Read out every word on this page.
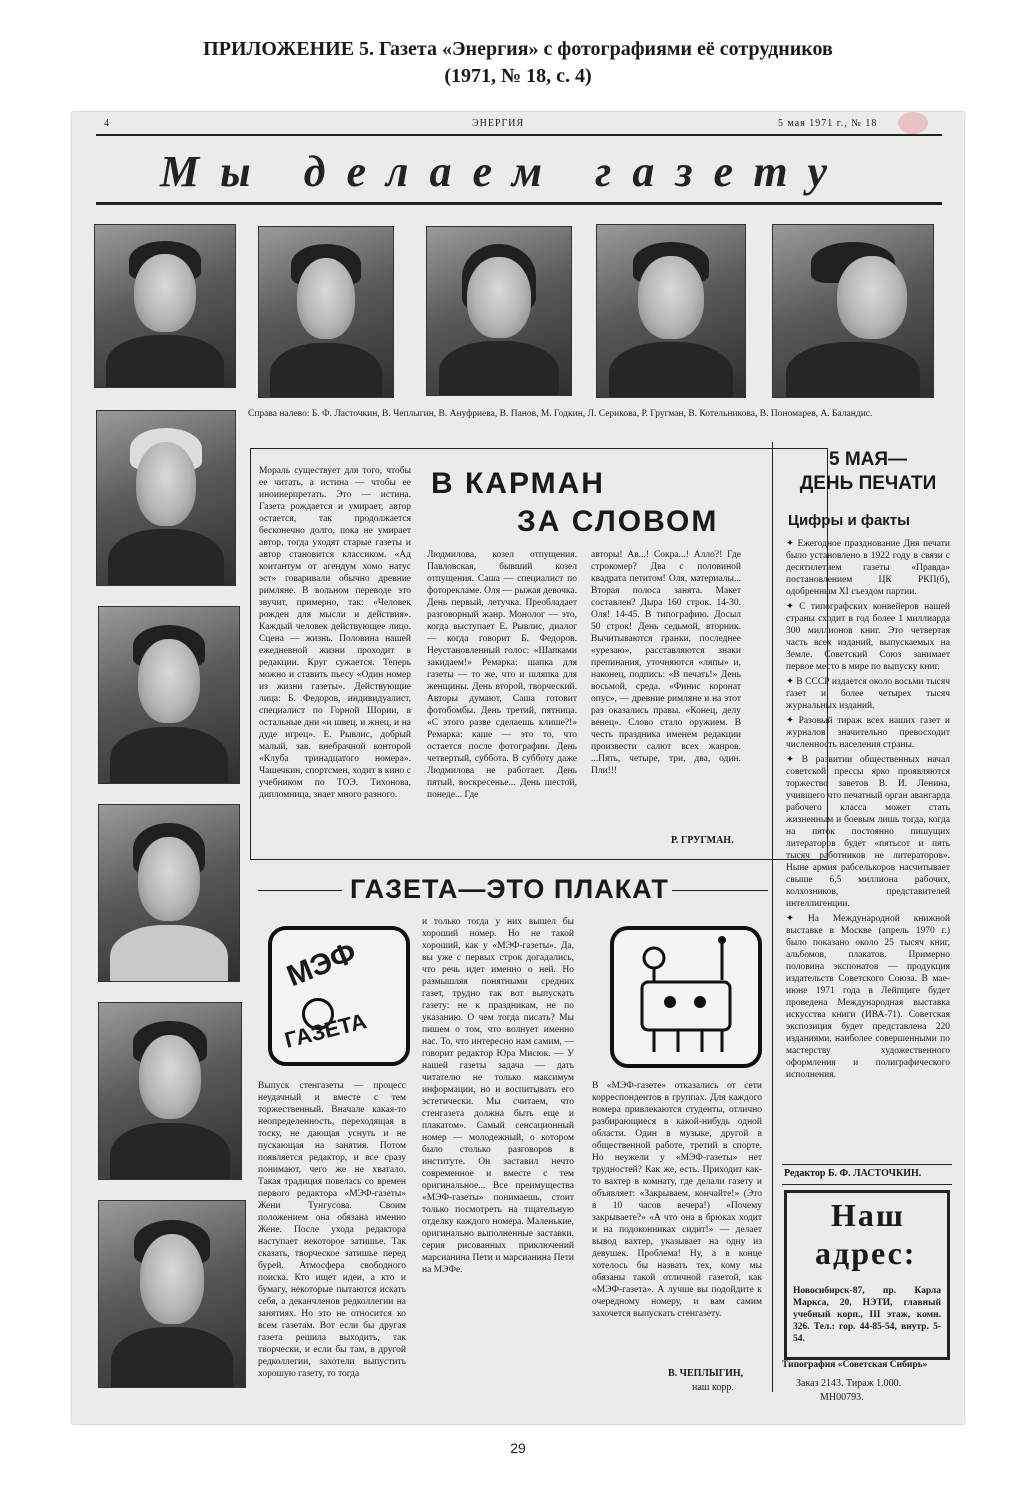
ПРИЛОЖЕНИЕ 5. Газета «Энергия» с фотографиями её сотрудников
(1971, № 18, с. 4)
4	ЭНЕРГИЯ	5 мая 1971 г., № 18
Мы делаем газету
Справа налево: Б. Ф. Ласточкин, В. Чеплыгин, В. Ануфриева, В. Панов, М. Годкин, Л. Серикова, Р. Гругман, В. Котельникова, В. Пономарев, А. Баландис.
В КАРМАН
ЗА СЛОВОМ
Мораль существует для того, чтобы ее читать, а истина — чтобы ее иноинерпретать. Это — истина. Газета рождается и умирает, автор остается, так продолжается бесконечно долго, пока не умирает автор, тогда уходят старые газеты и автор становится классиком. «Ад коитантум от агендум хомо натус эст» говаривали обычно древние римляне. В вольном переводе это звучит, примерно, так: «Человек рожден для мысли и действия». Каждый человек действующее лицо. Сцена — жизнь. Половина нашей ежедневной жизни проходит в редакции. Круг сужается. Теперь можно и ставить пьесу «Один номер из жизни газеты». Действующие лица: Б. Федоров, индивидуалист, специалист по Горной Шории, в остальные дни «и швец, и жнец, и на дуде игрец». Е. Рывлис, добрый малый, зав. внебрачной конторой «Клуба тринадцатого номера». Чашечкин, спортсмен, ходит в кино с учебником по ТОЭ. Тихонова, дипломница, знает много разного.
Людмилова, козел отпущения. Павловская, бывший козел отпущения. Саша — специалист по фоторекламе. Оля — рыжая девочка. День первый, летучка. Преобладает разговорный жанр. Монолог — это, когда выступает Е. Рывлис, диалог — когда говорит Б. Федоров. Неустановленный голос: «Шапками закидаем!» Ремарка: шапка для газеты — то же, что и шляпка для женщины. День второй, творческий. Авторы думают, Саша готовит фотобомбы. День третий, пятница. «С этого разве сделаешь клише?!» Ремарка: каше — это то, что остается после фотографии. День четвертый, суббота. В субботу даже Людмилова не работает. День пятый, воскресенье... День шестой, понеде... Где
авторы! Ав...! Сокра...! Алло?! Где строкомер? Два с половиной квадрата петитом! Оля, материалы... Вторая полоса занята. Макет составлен? Дыра 160 строк. 14-30. Оля! 14-45. В типографию. Досыл 50 строк! День седьмой, вторник. Вычитываются гранки, последнее «урезаю», расставляются знаки препинания, уточняются «ляпы» и, наконец, подпись: «В печать!» День восьмой, среда. «Финис коронат опус», — древние римляне и на этот раз оказались правы. «Конец, делу венец». Слово стало оружием. В честь праздника именем редакции произвести салют всех жанров. ...Пять, четыре, три, два, один. Пли!!!
Р. ГРУГМАН.
ГАЗЕТА—ЭТО ПЛАКАТ
МЭФ
ГАЗЕТА
Выпуск стенгазеты — процесс неудачный и вместе с тем торжественный. Вначале какая-то неопределенность, переходящая в тоску, не дающая уснуть и не пускающая на занятия. Потом появляется редактор, и все сразу понимают, чего же не хватало. Такая традиция повелась со времен первого редактора «МЭФ-газеты» Жени Тунгусова. Своим положением она обязана именно Жене. После ухода редактора наступает некоторое затишье. Так сказать, творческое затишье перед бурей. Атмосфера свободного поиска. Кто ищет идеи, а кто и бумагу, некоторые пытаются искать себя, а деканчленов редколлегии на занятиях. Но это не относится ко всем газетам. Вот если бы другая газета решила выходить, так творчески, и если бы там, в другой редколлегии, захотели выпустить хорошую газету, то тогда
и только тогда у них вышел бы хороший номер. Но не такой хороший, как у «МЭФ-газеты». Да, вы уже с первых строк догадались, что речь идет именно о ней. Но размышляя понятными средних газет, трудно так вот выпускать газету: не к праздникам, не по указанию. О чем тогда писать? Мы пишем о том, что волнует именно нас. То, что интересно нам самим, — говорит редактор Юра Мисюк. — У нашей газеты задача — дать читателю не только максимум информации, но и воспитывать его эстетически. Мы считаем, что стенгазета должна быть еще и плакатом». Самый сенсационный номер — молодежный, о котором было столько разговоров в институте. Он заставил нечто современное и вместе с тем оригинальное... Все преимущества «МЭФ-газеты» понимаешь, стоит только посмотреть на тщательную отделку каждого номера. Маленькие, оригинально выполненные заставки, серия рисованных приключений марсианина Пети и марсианина Пети на МЭФе.
В «МЭФ-газете» отказались от сети корреспондентов в группах. Для каждого номера привлекаются студенты, отлично разбирающиеся в какой-нибудь одной области. Один в музыке, другой в общественной работе, третий в спорте. Но неужели у «МЭФ-газеты» нет трудностей? Как же, есть. Приходит как-то вахтер в комнату, где делали газету и объявляет: «Закрываем, кончайте!» (Это в 10 часов вечера!) «Почему закрываете?» «А что она в брюках ходит и на подоконниках сидит!» — делает вывод вахтер, указывает на одну из девушек. Проблема! Ну, а в конце хотелось бы назвать тех, кому мы обязаны такой отличной газетой, как «МЭФ-газета». А лучше вы подойдите к очередному номеру, и вам самим захочется выпускать стенгазету.
В. ЧЕПЛЫГИН,
наш корр.
5 МАЯ—
ДЕНЬ ПЕЧАТИ
Цифры и факты

✦ Ежегодное празднование Дня печати было установлено в 1922 году в связи с десятилетием газеты «Правда» постановлением ЦК РКП(б), одобренным XI съездом партии.

✦ С типографских конвейеров нашей страны сходит в год более 1 миллиарда 300 миллионов книг. Это четвертая часть всех изданий, выпускаемых на Земле. Советский Союз занимает первое место в мире по выпуску книг.

✦ В СССР издается около восьми тысяч газет и более четырех тысяч журнальных изданий.

✦ Разовый тираж всех наших газет и журналов значительно превосходит численность населения страны.

✦ В развитии общественных начал советской прессы ярко проявляются торжество заветов В. И. Ленина, учившего что печатный орган авангарда рабочего класса может стать жизненным и боевым лишь тогда, когда на пяток постоянно пишущих литераторов будет «пятьсот и пять тысяч работников не литераторов». Ныне армия рабселькоров насчитывает свыше 6,5 миллиона рабочих, колхозников, представителей интеллигенции.

✦ На Международной книжной выставке в Москве (апрель 1970 г.) было показано около 25 тысяч книг, альбомов, плакатов. Примерно половина экспонатов — продукция издательств Советского Союза. В мае-июне 1971 года в Лейпциге будет проведена Международная выставка искусства книги (ИВА-71). Советская экспозиция будет представлена 220 изданиями, наиболее совершенными по мастерству художественного оформления и полиграфического исполнения.

Редактор Б. Ф. ЛАСТОЧКИН.
Наш
адрес:
Новосибирск-87, пр. Карла Маркса, 20, НЭТИ, главный учебный корп., III этаж, комн. 326. Тел.: гор. 44-85-54, внутр. 5-54.
Типография «Советская Сибирь»
Заказ 2143. Тираж 1.000.
МН00793.
29
